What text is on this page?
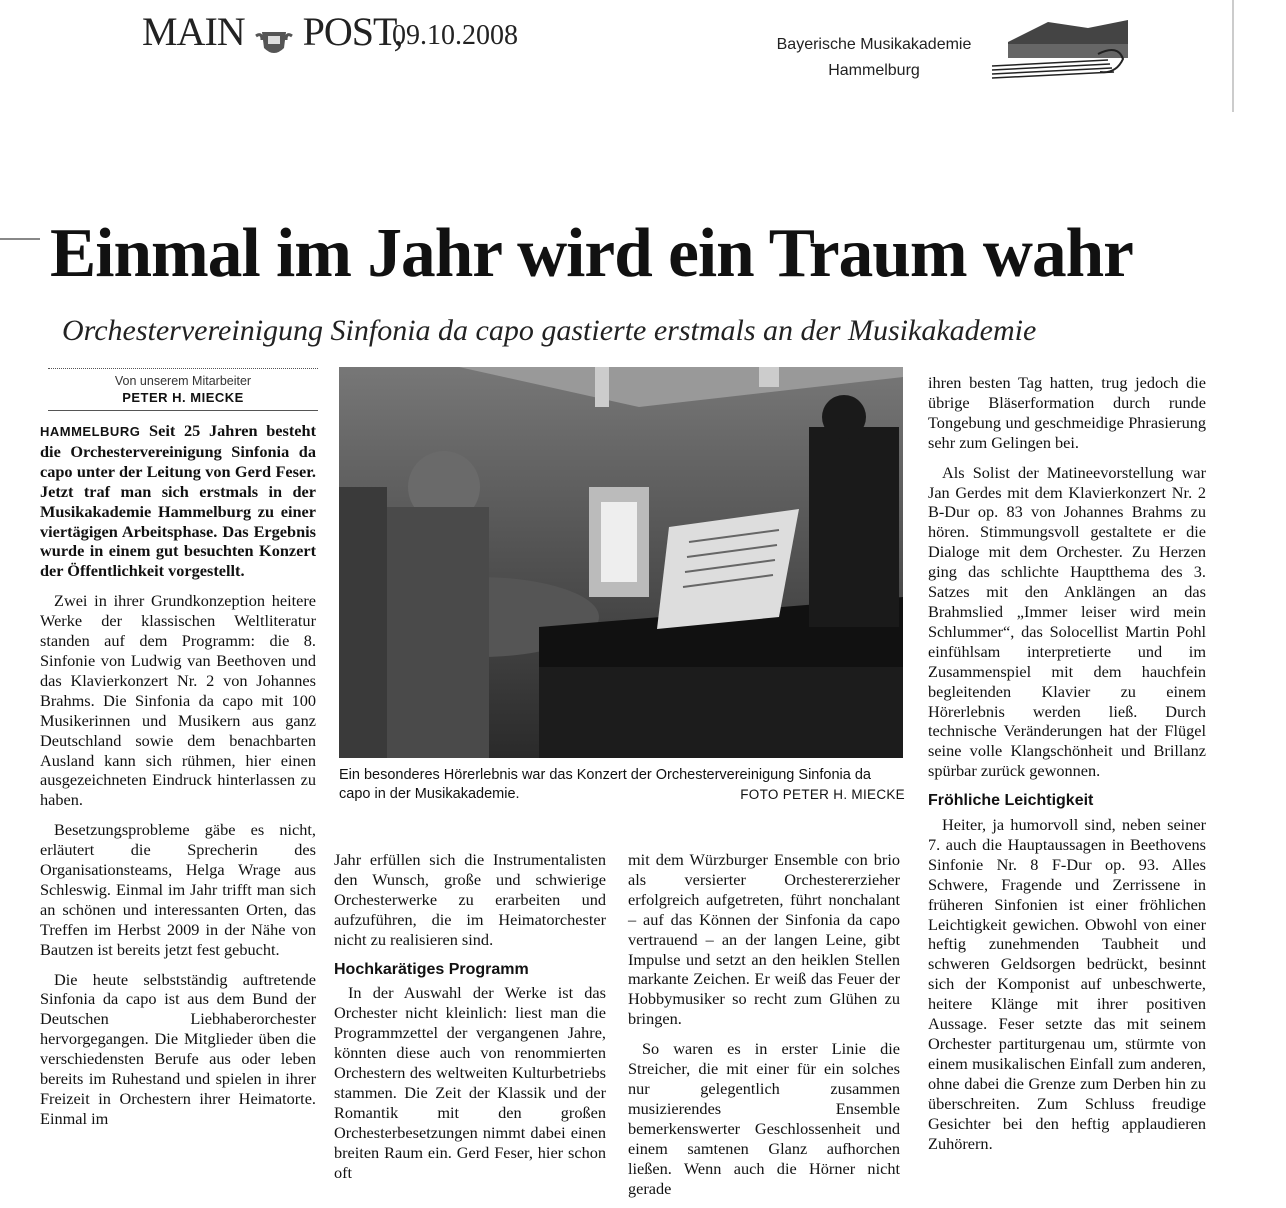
MAIN POST,
09.10.2008	Bayerische Musikakademie
Hammelburg
Einmal im Jahr wird ein Traum wahr
Orchestervereinigung Sinfonia da capo gastierte erstmals an der Musikakademie
Von unserem Mitarbeiter
PETER H. MIECKE

HAMMELBURG Seit 25 Jahren besteht die Orchestervereinigung Sinfonia da capo unter der Leitung von Gerd Feser. Jetzt traf man sich erstmals in der Musikakademie Hammelburg zu einer viertägigen Arbeitsphase. Das Ergebnis wurde in einem gut besuchten Konzert der Öffentlichkeit vorgestellt.

Zwei in ihrer Grundkonzeption heitere Werke der klassischen Weltliteratur standen auf dem Programm: die 8. Sinfonie von Ludwig van Beethoven und das Klavierkonzert Nr. 2 von Johannes Brahms. Die Sinfonia da capo mit 100 Musikerinnen und Musikern aus ganz Deutschland sowie dem benachbarten Ausland kann sich rühmen, hier einen ausgezeichneten Eindruck hinterlassen zu haben.

Besetzungsprobleme gäbe es nicht, erläutert die Sprecherin des Organisationsteams, Helga Wrage aus Schleswig. Einmal im Jahr trifft man sich an schönen und interessanten Orten, das Treffen im Herbst 2009 in der Nähe von Bautzen ist bereits jetzt fest gebucht.

Die heute selbstständig auftretende Sinfonia da capo ist aus dem Bund der Deutschen Liebhaberorchester hervorgegangen. Die Mitglieder üben die verschiedensten Berufe aus oder leben bereits im Ruhestand und spielen in ihrer Freizeit in Orchestern ihrer Heimatorte. Einmal im

Ein besonderes Hörerlebnis war das Konzert der Orchestervereinigung Sinfonia da capo in der Musikakademie.	FOTO PETER H. MIECKE

Jahr erfüllen sich die Instrumentalisten den Wunsch, große und schwierige Orchesterwerke zu erarbeiten und aufzuführen, die im Heimatorchester nicht zu realisieren sind.

Hochkarätiges Programm

In der Auswahl der Werke ist das Orchester nicht kleinlich: liest man die Programmzettel der vergangenen Jahre, könnten diese auch von renommierten Orchestern des weltweiten Kulturbetriebs stammen. Die Zeit der Klassik und der Romantik mit den großen Orchesterbesetzungen nimmt dabei einen breiten Raum ein. Gerd Feser, hier schon oft

mit dem Würzburger Ensemble con brio als versierter Orchestererzieher erfolgreich aufgetreten, führt nonchalant – auf das Können der Sinfonia da capo vertrauend – an der langen Leine, gibt Impulse und setzt an den heiklen Stellen markante Zeichen. Er weiß das Feuer der Hobbymusiker so recht zum Glühen zu bringen.

So waren es in erster Linie die Streicher, die mit einer für ein solches nur gelegentlich zusammen musizierendes Ensemble bemerkenswerter Geschlossenheit und einem samtenen Glanz aufhorchen ließen. Wenn auch die Hörner nicht gerade

ihren besten Tag hatten, trug jedoch die übrige Bläserformation durch runde Tongebung und geschmeidige Phrasierung sehr zum Gelingen bei.

Als Solist der Matineevorstellung war Jan Gerdes mit dem Klavierkonzert Nr. 2 B-Dur op. 83 von Johannes Brahms zu hören. Stimmungsvoll gestaltete er die Dialoge mit dem Orchester. Zu Herzen ging das schlichte Hauptthema des 3. Satzes mit den Anklängen an das Brahmslied „Immer leiser wird mein Schlummer“, das Solocellist Martin Pohl einfühlsam interpretierte und im Zusammenspiel mit dem hauchfein begleitenden Klavier zu einem Hörerlebnis werden ließ. Durch technische Veränderungen hat der Flügel seine volle Klangschönheit und Brillanz spürbar zurück gewonnen.

Fröhliche Leichtigkeit

Heiter, ja humorvoll sind, neben seiner 7. auch die Hauptaussagen in Beethovens Sinfonie Nr. 8 F-Dur op. 93. Alles Schwere, Fragende und Zerrissene in früheren Sinfonien ist einer fröhlichen Leichtigkeit gewichen. Obwohl von einer heftig zunehmenden Taubheit und schweren Geldsorgen bedrückt, besinnt sich der Komponist auf unbeschwerte, heitere Klänge mit ihrer positiven Aussage. Feser setzte das mit seinem Orchester partiturgenau um, stürmte von einem musikalischen Einfall zum anderen, ohne dabei die Grenze zum Derben hin zu überschreiten. Zum Schluss freudige Gesichter bei den heftig applaudieren Zuhörern.
